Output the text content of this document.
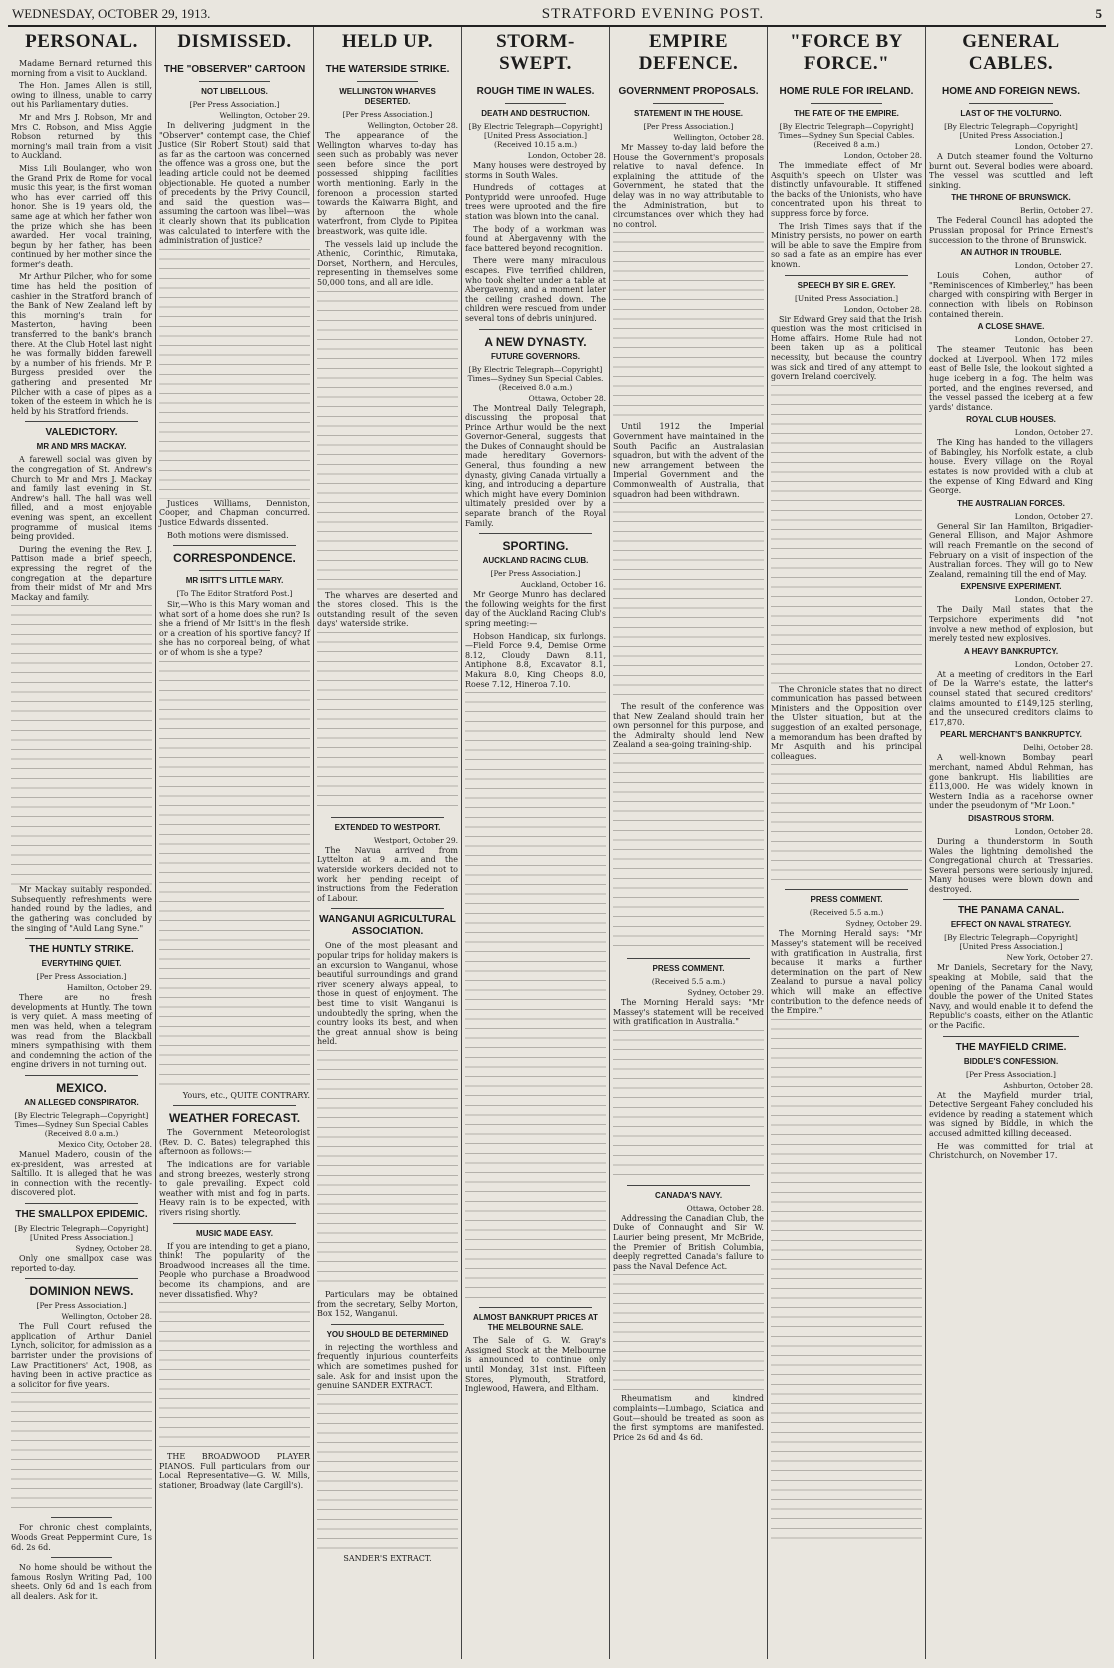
WEDNESDAY, OCTOBER 29, 1913.	STRATFORD EVENING POST.	5
PERSONAL.

Madame Bernard returned this morning from a visit to Auckland.

The Hon. James Allen is still, owing to illness, unable to carry out his Parliamentary duties.

Mr and Mrs J. Robson, Mr and Mrs C. Robson, and Miss Aggie Robson returned by this morning's mail train from a visit to Auckland.

Miss Lili Boulanger, who won the Grand Prix de Rome for vocal music this year, is the first woman who has ever carried off this honor. She is 19 years old, the same age at which her father won the prize which she has been awarded. Her vocal training, begun by her father, has been continued by her mother since the former's death.

Mr Arthur Pilcher, who for some time has held the position of cashier in the Stratford branch of the Bank of New Zealand left by this morning's train for Masterton, having been transferred to the bank's branch there. At the Club Hotel last night he was formally bidden farewell by a number of his friends. Mr P. Burgess presided over the gathering and presented Mr Pilcher with a case of pipes as a token of the esteem in which he is held by his Stratford friends.

VALEDICTORY.
MR AND MRS MACKAY.

A farewell social was given by the congregation of St. Andrew's Church to Mr and Mrs J. Mackay and family last evening in St. Andrew's hall. The hall was well filled, and a most enjoyable evening was spent, an excellent programme of musical items being provided.

During the evening the Rev. J. Pattison made a brief speech, expressing the regret of the congregation at the departure from their midst of Mr and Mrs Mackay and family.

Mr Mackay suitably responded. Subsequently refreshments were handed round by the ladies, and the gathering was concluded by the singing of "Auld Lang Syne."

THE HUNTLY STRIKE.
EVERYTHING QUIET.
[Per Press Association.]
Hamilton, October 29.

There are no fresh developments at Huntly. The town is very quiet. A mass meeting of men was held, when a telegram was read from the Blackball miners sympathising with them and condemning the action of the engine drivers in not turning out.

MEXICO.
AN ALLEGED CONSPIRATOR.
[By Electric Telegraph—Copyright] Times—Sydney Sun Special Cables (Received 8.0 a.m.)
Mexico City, October 28.

Manuel Madero, cousin of the ex-president, was arrested at Saltillo. It is alleged that he was in connection with the recently-discovered plot.

THE SMALLPOX EPIDEMIC.
[By Electric Telegraph—Copyright] [United Press Association.]
Sydney, October 28.

Only one smallpox case was reported to-day.

DOMINION NEWS.
[Per Press Association.]
Wellington, October 28.

The Full Court refused the application of Arthur Daniel Lynch, solicitor, for admission as a barrister under the provisions of Law Practitioners' Act, 1908, as having been in active practice as a solicitor for five years.

For chronic chest complaints, Woods Great Peppermint Cure, 1s 6d. 2s 6d.

No home should be without the famous Roslyn Writing Pad, 100 sheets. Only 6d and 1s each from all dealers. Ask for it.

DISMISSED.
THE "OBSERVER" CARTOON
NOT LIBELLOUS.
[Per Press Association.]
Wellington, October 29.

In delivering judgment in the "Observer" contempt case, the Chief Justice (Sir Robert Stout) said that as far as the cartoon was concerned the offence was a gross one, but the leading article could not be deemed objectionable. He quoted a number of precedents by the Privy Council, and said the question was—assuming the cartoon was libel—was it clearly shown that its publication was calculated to interfere with the administration of justice?

Justices Williams, Denniston, Cooper, and Chapman concurred. Justice Edwards dissented.

Both motions were dismissed.

CORRESPONDENCE.
MR ISITT'S LITTLE MARY.
[To The Editor Stratford Post.]

Sir,—Who is this Mary woman and what sort of a home does she run? Is she a friend of Mr Isitt's in the flesh or a creation of his sportive fancy? If she has no corporeal being, of what or of whom is she a type?

Yours, etc., QUITE CONTRARY.

WEATHER FORECAST.

The Government Meteorologist (Rev. D. C. Bates) telegraphed this afternoon as follows:—

The indications are for variable and strong breezes, westerly strong to gale prevailing. Expect cold weather with mist and fog in parts. Heavy rain is to be expected, with rivers rising shortly.

MUSIC MADE EASY.

If you are intending to get a piano, think! The popularity of the Broadwood increases all the time. People who purchase a Broadwood become its champions, and are never dissatisfied. Why?

THE BROADWOOD PLAYER PIANOS. Full particulars from our Local Representative—G. W. Mills, stationer, Broadway (late Cargill's).

HELD UP.
THE WATERSIDE STRIKE.
WELLINGTON WHARVES DESERTED.
[Per Press Association.]
Wellington, October 28.

The appearance of the Wellington wharves to-day has seen such as probably was never seen before since the port possessed shipping facilities worth mentioning. Early in the forenoon a procession started towards the Kaiwarra Bight, and by afternoon the whole waterfront, from Clyde to Pipitea breastwork, was quite idle.

The vessels laid up include the Athenic, Corinthic, Rimutaka, Dorset, Northern, and Hercules, representing in themselves some 50,000 tons, and all are idle.

The wharves are deserted and the stores closed. This is the outstanding result of the seven days' waterside strike.

EXTENDED TO WESTPORT.
Westport, October 29.

The Navua arrived from Lyttelton at 9 a.m. and the waterside workers decided not to work her pending receipt of instructions from the Federation of Labour.

WANGANUI AGRICULTURAL ASSOCIATION.

One of the most pleasant and popular trips for holiday makers is an excursion to Wanganui, whose beautiful surroundings and grand river scenery always appeal, to those in quest of enjoyment. The best time to visit Wanganui is undoubtedly the spring, when the country looks its best, and when the great annual show is being held.

Particulars may be obtained from the secretary, Selby Morton, Box 152, Wanganui.

YOU SHOULD BE DETERMINED

in rejecting the worthless and frequently injurious counterfeits which are sometimes pushed for sale. Ask for and insist upon the genuine SANDER EXTRACT.

SANDER'S EXTRACT.

STORM-SWEPT.
ROUGH TIME IN WALES.
DEATH AND DESTRUCTION.
[By Electric Telegraph—Copyright] [United Press Association.] (Received 10.15 a.m.)
London, October 28.

Many houses were destroyed by storms in South Wales.

Hundreds of cottages at Pontypridd were unroofed. Huge trees were uprooted and the fire station was blown into the canal.

The body of a workman was found at Abergavenny with the face battered beyond recognition.

There were many miraculous escapes. Five terrified children, who took shelter under a table at Abergavenny, and a moment later the ceiling crashed down. The children were rescued from under several tons of debris uninjured.

A NEW DYNASTY.
FUTURE GOVERNORS.
[By Electric Telegraph—Copyright] Times—Sydney Sun Special Cables. (Received 8.0 a.m.)
Ottawa, October 28.

The Montreal Daily Telegraph, discussing the proposal that Prince Arthur would be the next Governor-General, suggests that the Dukes of Connaught should be made hereditary Governors-General, thus founding a new dynasty, giving Canada virtually a king, and introducing a departure which might have every Dominion ultimately presided over by a separate branch of the Royal Family.

SPORTING.
AUCKLAND RACING CLUB.
[Per Press Association.]
Auckland, October 16.

Mr George Munro has declared the following weights for the first day of the Auckland Racing Club's spring meeting:—

Hobson Handicap, six furlongs.—Field Force 9.4, Demise Orme 8.12, Cloudy Dawn 8.11, Antiphone 8.8, Excavator 8.1, Makura 8.0, King Cheops 8.0, Roese 7.12, Hineroa 7.10.

ALMOST BANKRUPT PRICES AT THE MELBOURNE SALE.

The Sale of G. W. Gray's Assigned Stock at the Melbourne is announced to continue only until Monday, 31st inst. Fifteen Stores, Plymouth, Stratford, Inglewood, Hawera, and Eltham.

EMPIRE DEFENCE.
GOVERNMENT PROPOSALS.
STATEMENT IN THE HOUSE.
[Per Press Association.]
Wellington, October 28.

Mr Massey to-day laid before the House the Government's proposals relative to naval defence. In explaining the attitude of the Government, he stated that the delay was in no way attributable to the Administration, but to circumstances over which they had no control.

Until 1912 the Imperial Government have maintained in the South Pacific an Australasian squadron, but with the advent of the new arrangement between the Imperial Government and the Commonwealth of Australia, that squadron had been withdrawn.

The result of the conference was that New Zealand should train her own personnel for this purpose, and the Admiralty should lend New Zealand a sea-going training-ship.

PRESS COMMENT.
(Received 5.5 a.m.)
Sydney, October 29.

The Morning Herald says: "Mr Massey's statement will be received with gratification in Australia."

CANADA'S NAVY.
Ottawa, October 28.

Addressing the Canadian Club, the Duke of Connaught and Sir W. Laurier being present, Mr McBride, the Premier of British Columbia, deeply regretted Canada's failure to pass the Naval Defence Act.

Rheumatism and kindred complaints—Lumbago, Sciatica and Gout—should be treated as soon as the first symptoms are manifested. Price 2s 6d and 4s 6d.

"FORCE BY FORCE."
HOME RULE FOR IRELAND.
THE FATE OF THE EMPIRE.
[By Electric Telegraph—Copyright] Times—Sydney Sun Special Cables. (Received 8 a.m.)
London, October 28.

The immediate effect of Mr Asquith's speech on Ulster was distinctly unfavourable. It stiffened the backs of the Unionists, who have concentrated upon his threat to suppress force by force.

The Irish Times says that if the Ministry persists, no power on earth will be able to save the Empire from so sad a fate as an empire has ever known.

SPEECH BY SIR E. GREY.
[United Press Association.]
London, October 28.

Sir Edward Grey said that the Irish question was the most criticised in Home affairs. Home Rule had not been taken up as a political necessity, but because the country was sick and tired of any attempt to govern Ireland coercively.

The Chronicle states that no direct communication has passed between Ministers and the Opposition over the Ulster situation, but at the suggestion of an exalted personage, a memorandum has been drafted by Mr Asquith and his principal colleagues.

PRESS COMMENT.
(Received 5.5 a.m.)
Sydney, October 29.

The Morning Herald says: "Mr Massey's statement will be received with gratification in Australia, first because it marks a further determination on the part of New Zealand to pursue a naval policy which will make an effective contribution to the defence needs of the Empire."

GENERAL CABLES.
HOME AND FOREIGN NEWS.
LAST OF THE VOLTURNO.
[By Electric Telegraph—Copyright] [United Press Association.]
London, October 27.

A Dutch steamer found the Volturno burnt out. Several bodies were aboard. The vessel was scuttled and left sinking.

THE THRONE OF BRUNSWICK.
Berlin, October 27.

The Federal Council has adopted the Prussian proposal for Prince Ernest's succession to the throne of Brunswick.

AN AUTHOR IN TROUBLE.
London, October 27.

Louis Cohen, author of "Reminiscences of Kimberley," has been charged with conspiring with Berger in connection with libels on Robinson contained therein.

A CLOSE SHAVE.
London, October 27.

The steamer Teutonic has been docked at Liverpool. When 172 miles east of Belle Isle, the lookout sighted a huge iceberg in a fog. The helm was ported, and the engines reversed, and the vessel passed the iceberg at a few yards' distance.

ROYAL CLUB HOUSES.
London, October 27.

The King has handed to the villagers of Babingley, his Norfolk estate, a club house. Every village on the Royal estates is now provided with a club at the expense of King Edward and King George.

THE AUSTRALIAN FORCES.
London, October 27.

General Sir Ian Hamilton, Brigadier-General Ellison, and Major Ashmore will reach Fremantle on the second of February on a visit of inspection of the Australian forces. They will go to New Zealand, remaining till the end of May.

EXPENSIVE EXPERIMENT.
London, October 27.

The Daily Mail states that the Terpsichore experiments did "not involve a new method of explosion, but merely tested new explosives.

A HEAVY BANKRUPTCY.
London, October 27.

At a meeting of creditors in the Earl of De la Warre's estate, the latter's counsel stated that secured creditors' claims amounted to £149,125 sterling, and the unsecured creditors claims to £17,870.

PEARL MERCHANT'S BANKRUPTCY.
Delhi, October 28.

A well-known Bombay pearl merchant, named Abdul Rehman, has gone bankrupt. His liabilities are £113,000. He was widely known in Western India as a racehorse owner under the pseudonym of "Mr Loon."

DISASTROUS STORM.
London, October 28.

During a thunderstorm in South Wales the lightning demolished the Congregational church at Tressaries. Several persons were seriously injured. Many houses were blown down and destroyed.

THE PANAMA CANAL.
EFFECT ON NAVAL STRATEGY.
[By Electric Telegraph—Copyright] [United Press Association.]
New York, October 27.

Mr Daniels, Secretary for the Navy, speaking at Mobile, said that the opening of the Panama Canal would double the power of the United States Navy, and would enable it to defend the Republic's coasts, either on the Atlantic or the Pacific.

THE MAYFIELD CRIME.
BIDDLE'S CONFESSION.
[Per Press Association.]
Ashburton, October 28.

At the Mayfield murder trial, Detective Sergeant Fahey concluded his evidence by reading a statement which was signed by Biddle, in which the accused admitted killing deceased.

He was committed for trial at Christchurch, on November 17.
